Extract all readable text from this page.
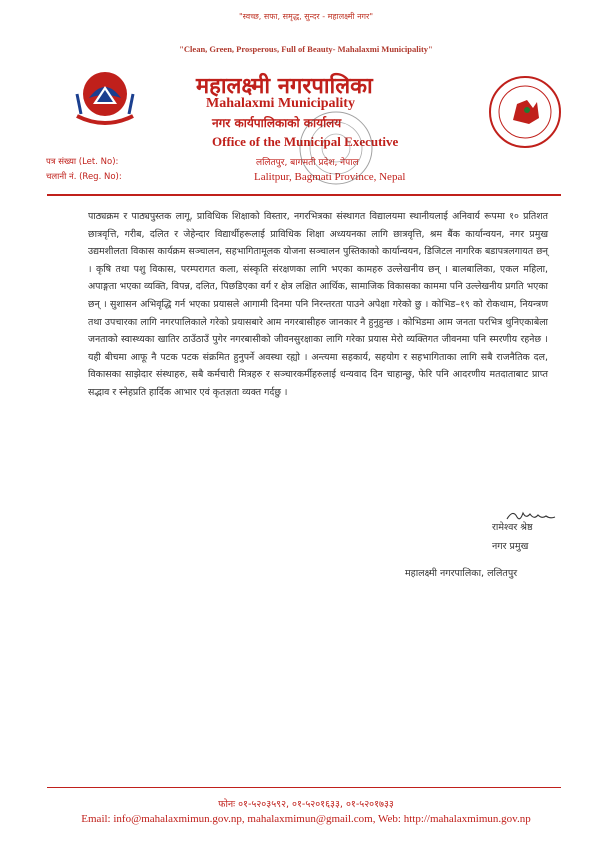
"स्वच्छ, सफा, समृद्ध, सुन्दर - महालक्ष्मी नगर"
"Clean, Green, Prosperous, Full of Beauty- Mahalaxmi Municipality"
महालक्ष्मी नगरपालिका
Mahalaxmi Municipality
नगर कार्यपालिकाको कार्यालय
Office of the Municipal Executive
ललितपुर, बागमती प्रदेश, नेपाल
Lalitpur, Bagmati Province, Nepal
पत्र संख्या (Let. No):
चलानी नं. (Reg. No):
पाठ्यक्रम र पाठ्यपुस्तक लागू, प्राविधिक शिक्षाको विस्तार, नगरभित्रका संस्थागत विद्यालयमा स्थानीयलाई अनिवार्य रूपमा १० प्रतिशत छात्रवृत्ति, गरीब, दलित र जेहेन्दार विद्यार्थीहरूलाई प्राविधिक शिक्षा अध्ययनका लागि छात्रवृत्ति, श्रम बैंक कार्यान्वयन, नगर प्रमुख उद्यमशीलता विकास कार्यक्रम सञ्चालन, सहभागितामूलक योजना सञ्चालन पुस्तिकाको कार्यान्वयन, डिजिटल नागरिक बडापत्रलगायत छन् । कृषि तथा पशु विकास, परम्परागत कला, संस्कृति संरक्षणका लागि भएका कामहरु उल्लेखनीय छन् । बालबालिका, एकल महिला, अपाङ्गता भएका व्यक्ति, विपन्न, दलित, पिछडिएका वर्ग र क्षेत्र लक्षित आर्थिक, सामाजिक विकासका काममा पनि उल्लेखनीय प्रगति भएका छन् । सुशासन अभिवृद्धि गर्न भएका प्रयासले आगामी दिनमा पनि निरन्तरता पाउने अपेक्षा गरेको छु । कोभिड–१९ को रोकथाम, नियन्त्रण तथा उपचारका लागि नगरपालिकाले गरेको प्रयासबारे आम नगरबासीहरु जानकार नै हुनुहुन्छ । कोभिडमा आम जनता परभित्र थुनिएकाबेला जनताको स्वास्थ्यका खातिर ठाउँठाउँ पुगेर नगरबासीको जीवनसुरक्षाका लागि गरेका प्रयास मेरो व्यक्तिगत जीवनमा पनि स्मरणीय रहनेछ । यही बीचमा आफू नै पटक पटक संक्रमित हुनुपर्ने अवस्था रह्यो । अन्त्यमा सहकार्य, सहयोग र सहभागिताका लागि सबै राजनैतिक दल, विकासका साझेदार संस्थाहरु, सबै कर्मचारी मित्रहरु र सञ्चारकर्मीहरुलाई धन्यवाद दिन चाहान्छु, फेरि पनि आदरणीय मतदाताबाट प्राप्त सद्भाव र स्नेहप्रति हार्दिक आभार एवं कृतज्ञता व्यक्त गर्दछु ।
रामेश्वर श्रेष्ठ
नगर प्रमुख
महालक्ष्मी नगरपालिका, ललितपुर
फोनः ०१-५२०३५९२, ०१-५२०१६३३, ०१-५२०१७३३
Email: info@mahalaxmimun.gov.np, mahalaxmimun@gmail.com, Web: http://mahalaxmimun.gov.np
